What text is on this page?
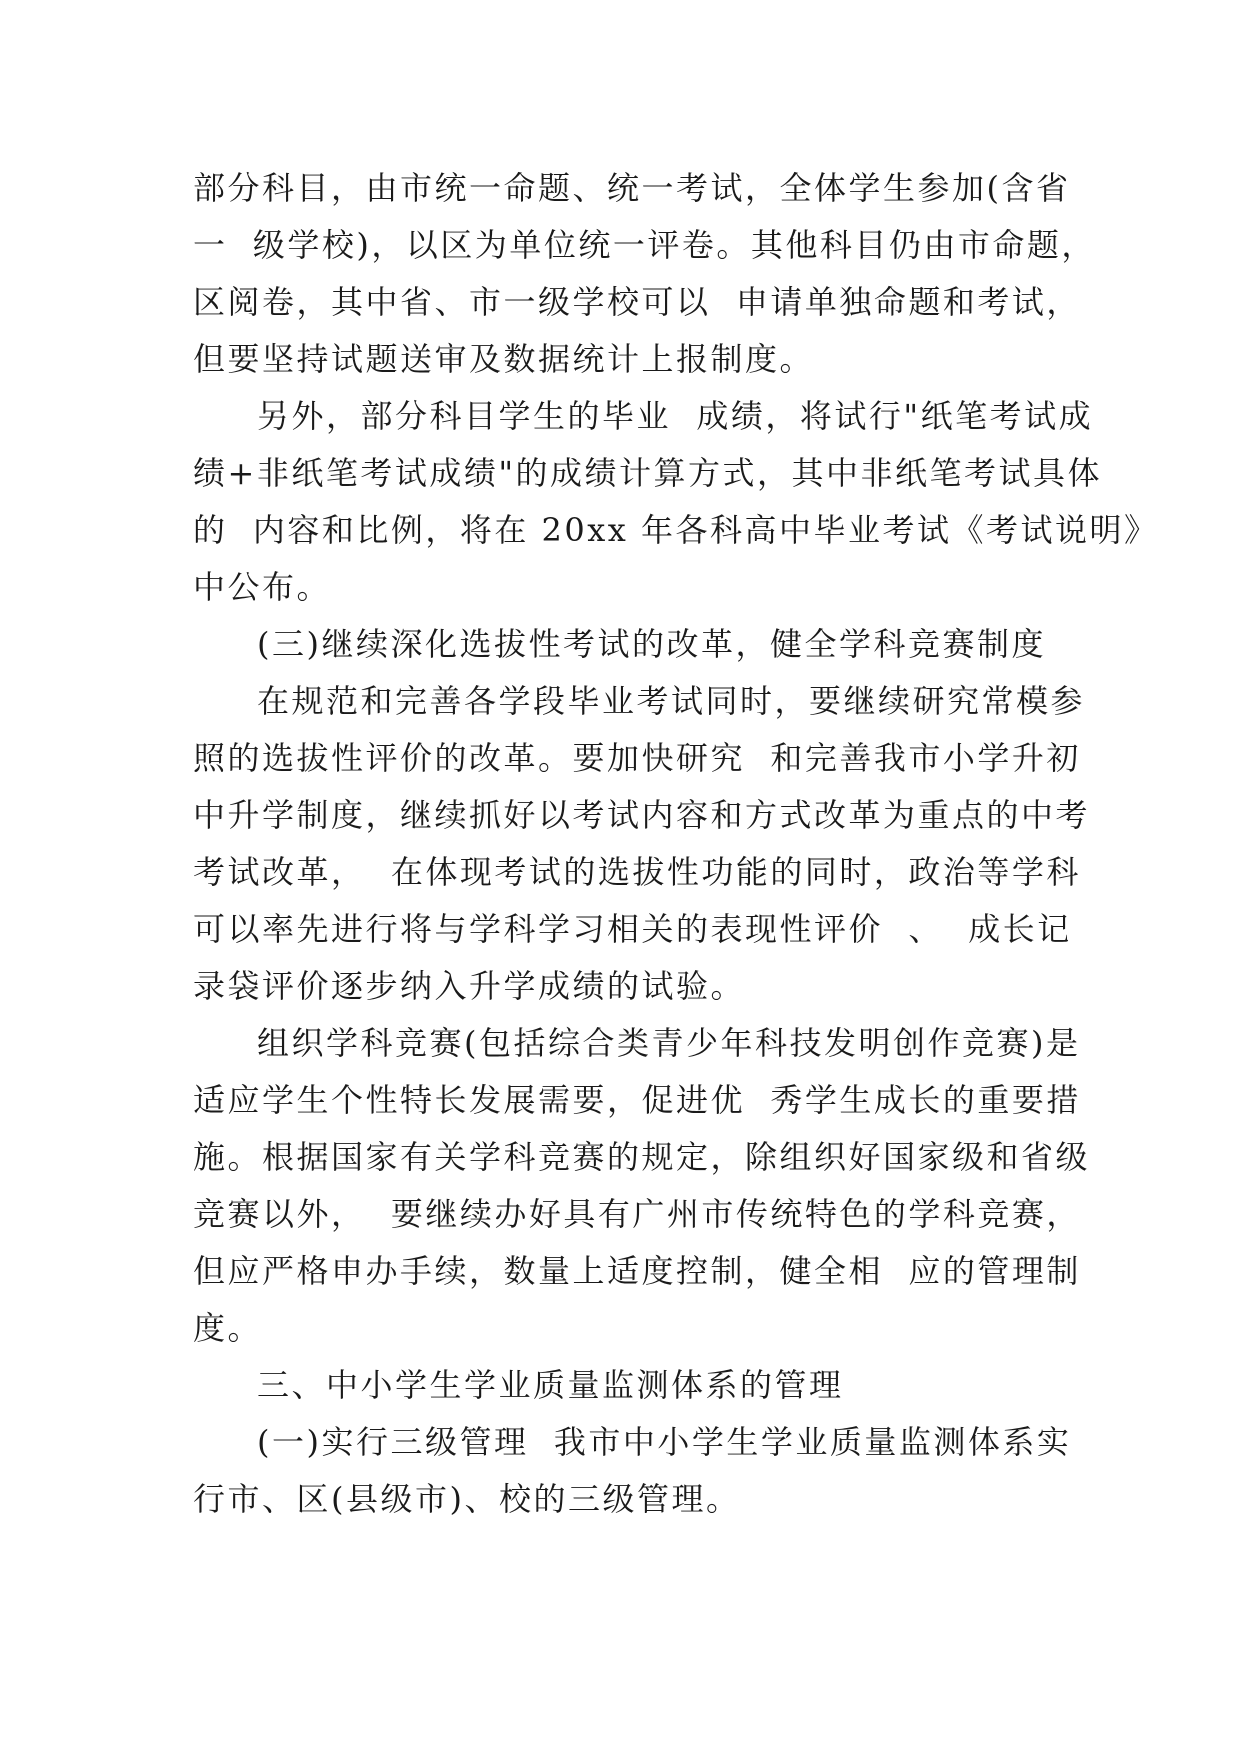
部分科目，由市统一命题、统一考试，全体学生参加(含省
一  级学校)，以区为单位统一评卷。其他科目仍由市命题，
区阅卷，其中省、市一级学校可以  申请单独命题和考试，
但要坚持试题送审及数据统计上报制度。
另外，部分科目学生的毕业  成绩，将试行"纸笔考试成
绩+非纸笔考试成绩"的成绩计算方式，其中非纸笔考试具体
的  内容和比例，将在 20xx 年各科高中毕业考试《考试说明》
中公布。
(三)继续深化选拔性考试的改革，健全学科竞赛制度
在规范和完善各学段毕业考试同时，要继续研究常模参
照的选拔性评价的改革。要加快研究  和完善我市小学升初
中升学制度，继续抓好以考试内容和方式改革为重点的中考
考试改革，  在体现考试的选拔性功能的同时，政治等学科
可以率先进行将与学科学习相关的表现性评价  、  成长记
录袋评价逐步纳入升学成绩的试验。
组织学科竞赛(包括综合类青少年科技发明创作竞赛)是
适应学生个性特长发展需要，促进优  秀学生成长的重要措
施。根据国家有关学科竞赛的规定，除组织好国家级和省级
竞赛以外，  要继续办好具有广州市传统特色的学科竞赛，
但应严格申办手续，数量上适度控制，健全相  应的管理制
度。
三、中小学生学业质量监测体系的管理
(一)实行三级管理  我市中小学生学业质量监测体系实
行市、区(县级市)、校的三级管理。
